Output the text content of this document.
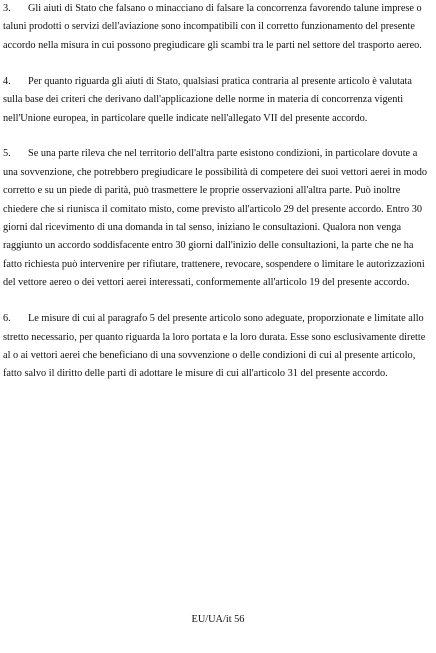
3. Gli aiuti di Stato che falsano o minacciano di falsare la concorrenza favorendo talune imprese o taluni prodotti o servizi dell'aviazione sono incompatibili con il corretto funzionamento del presente accordo nella misura in cui possono pregiudicare gli scambi tra le parti nel settore del trasporto aereo.

4. Per quanto riguarda gli aiuti di Stato, qualsiasi pratica contraria al presente articolo è valutata sulla base dei criteri che derivano dall'applicazione delle norme in materia di concorrenza vigenti nell'Unione europea, in particolare quelle indicate nell'allegato VII del presente accordo.

5. Se una parte rileva che nel territorio dell'altra parte esistono condizioni, in particolare dovute a una sovvenzione, che potrebbero pregiudicare le possibilità di competere dei suoi vettori aerei in modo corretto e su un piede di parità, può trasmettere le proprie osservazioni all'altra parte. Può inoltre chiedere che si riunisca il comitato misto, come previsto all'articolo 29 del presente accordo. Entro 30 giorni dal ricevimento di una domanda in tal senso, iniziano le consultazioni. Qualora non venga raggiunto un accordo soddisfacente entro 30 giorni dall'inizio delle consultazioni, la parte che ne ha fatto richiesta può intervenire per rifiutare, trattenere, revocare, sospendere o limitare le autorizzazioni del vettore aereo o dei vettori aerei interessati, conformemente all'articolo 19 del presente accordo.

6. Le misure di cui al paragrafo 5 del presente articolo sono adeguate, proporzionate e limitate allo stretto necessario, per quanto riguarda la loro portata e la loro durata. Esse sono esclusivamente dirette al o ai vettori aerei che beneficiano di una sovvenzione o delle condizioni di cui al presente articolo, fatto salvo il diritto delle parti di adottare le misure di cui all'articolo 31 del presente accordo.

EU/UA/it 56
